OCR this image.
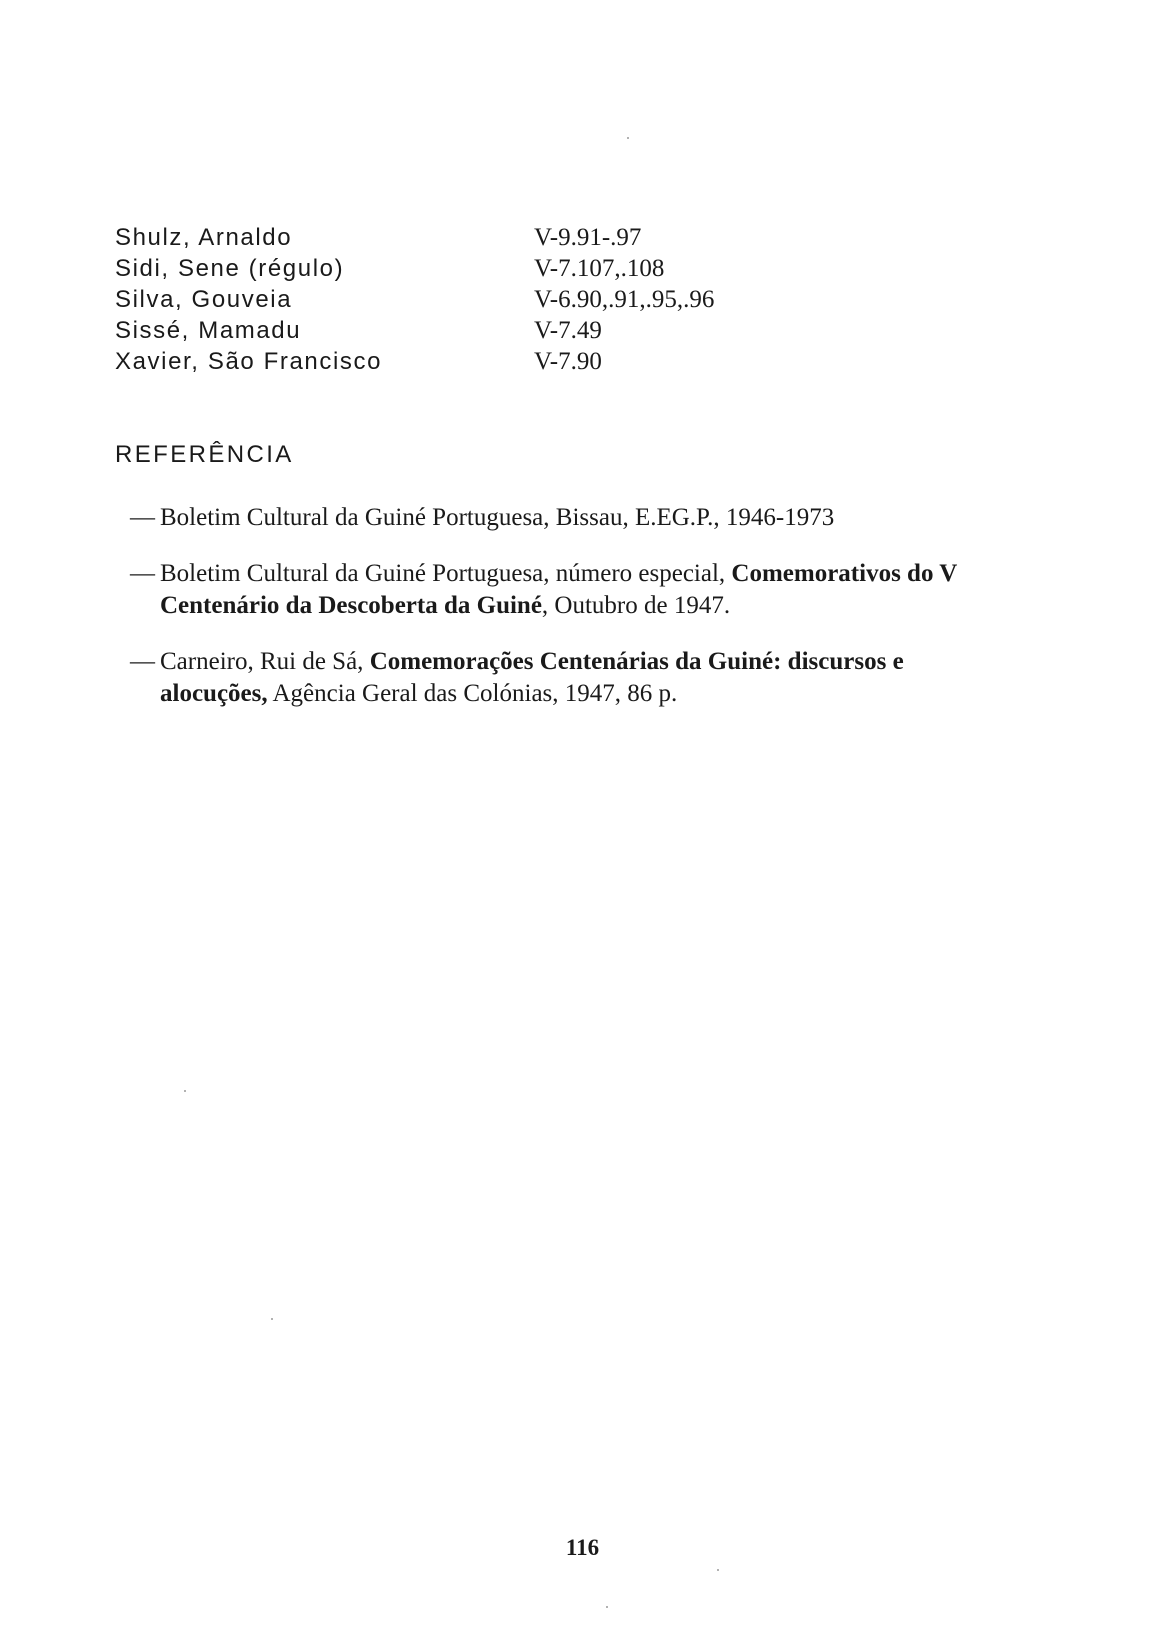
Shulz, Arnaldo	V-9.91-.97
Sidi, Sene (régulo)	V-7.107,.108
Silva, Gouveia	V-6.90,.91,.95,.96
Sissé, Mamadu	V-7.49
Xavier, São Francisco	V-7.90
REFERÊNCIA
— Boletim Cultural da Guiné Portuguesa, Bissau, E.EG.P., 1946-1973
— Boletim Cultural da Guiné Portuguesa, número especial, Comemorativos do V Centenário da Descoberta da Guiné, Outubro de 1947.
— Carneiro, Rui de Sá, Comemorações Centenárias da Guiné: discursos e alocuções, Agência Geral das Colónias, 1947, 86 p.

116
